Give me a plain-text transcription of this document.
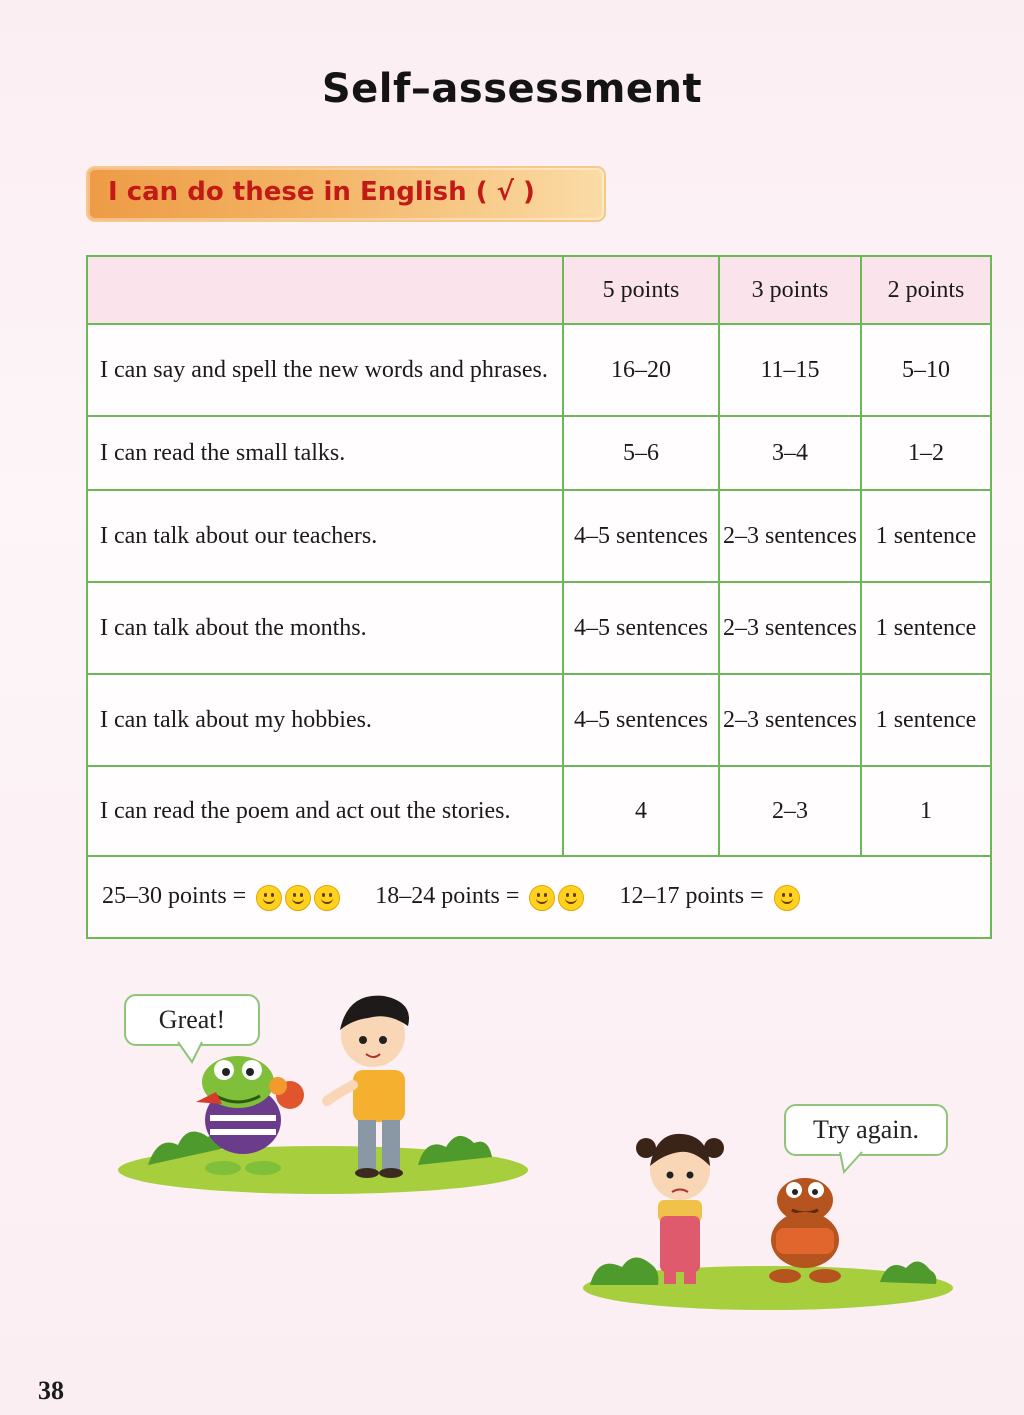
Self–assessment
I can do these in English ( √ )
	5 points	3 points	2 points
I can say and spell the new words and phrases.	16–20	11–15	5–10
I can read the small talks.	5–6	3–4	1–2
I can talk about our teachers.	4–5 sentences	2–3 sentences	1 sentence
I can talk about the months.	4–5 sentences	2–3 sentences	1 sentence
I can talk about my hobbies.	4–5 sentences	2–3 sentences	1 sentence
I can read the poem and act out the stories.	4	2–3	1
25–30 points = 18–24 points = 12–17 points =			
Great!
Try again.
38
